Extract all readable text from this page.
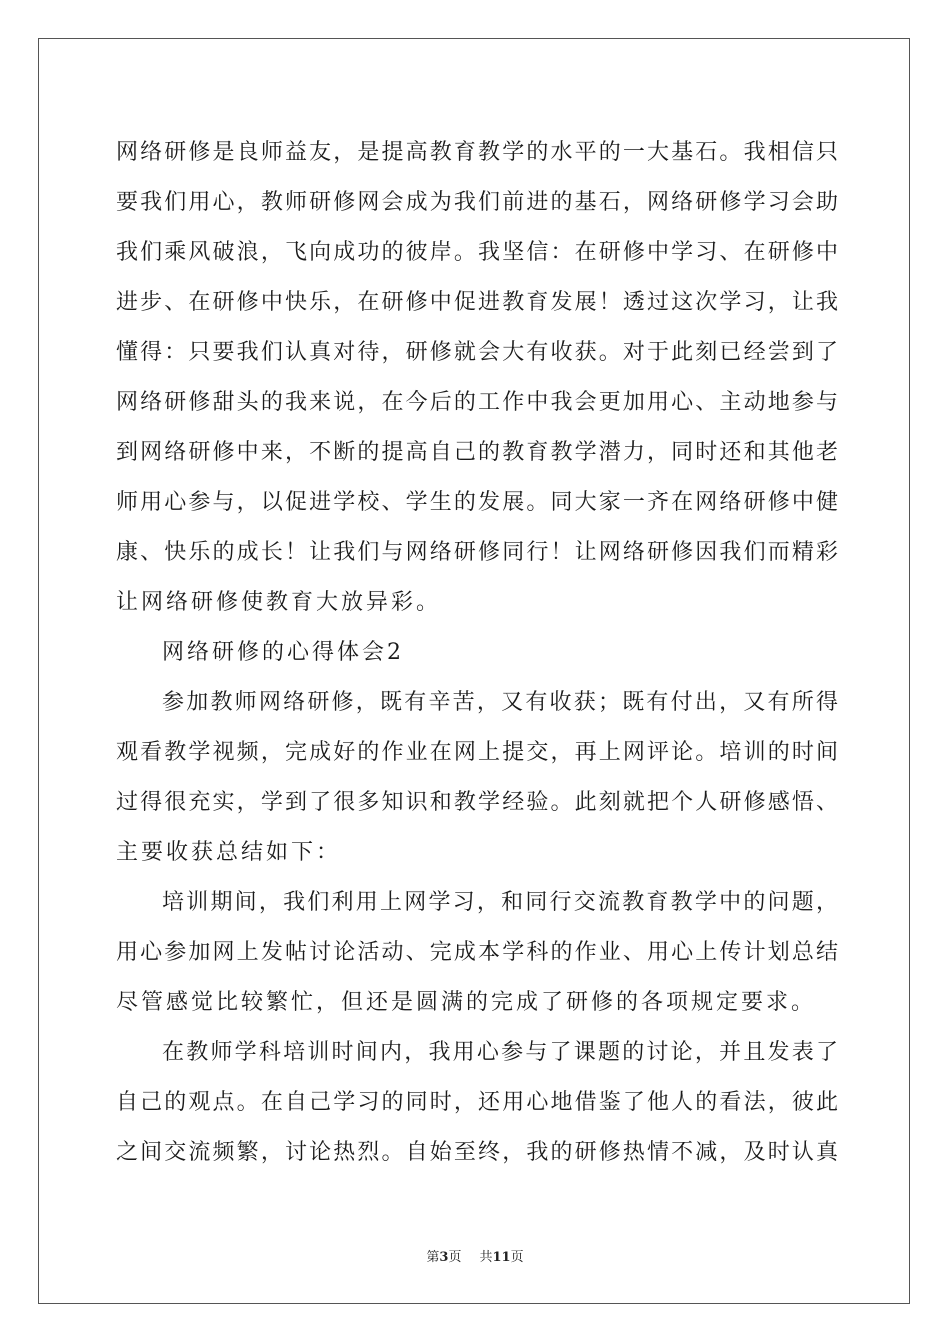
网络研修是良师益友，是提高教育教学的水平的一大基石。我相信只
要我们用心，教师研修网会成为我们前进的基石，网络研修学习会助
我们乘风破浪，飞向成功的彼岸。我坚信：在研修中学习、在研修中
进步、在研修中快乐，在研修中促进教育发展！透过这次学习，让我
懂得：只要我们认真对待，研修就会大有收获。对于此刻已经尝到了
网络研修甜头的我来说，在今后的工作中我会更加用心、主动地参与
到网络研修中来，不断的提高自己的教育教学潜力，同时还和其他老
师用心参与，以促进学校、学生的发展。同大家一齐在网络研修中健
康、快乐的成长！让我们与网络研修同行！让网络研修因我们而精彩
让网络研修使教育大放异彩。
网络研修的心得体会2
参加教师网络研修，既有辛苦，又有收获；既有付出，又有所得
观看教学视频，完成好的作业在网上提交，再上网评论。培训的时间
过得很充实，学到了很多知识和教学经验。此刻就把个人研修感悟、
主要收获总结如下：
培训期间，我们利用上网学习，和同行交流教育教学中的问题，
用心参加网上发帖讨论活动、完成本学科的作业、用心上传计划总结
尽管感觉比较繁忙，但还是圆满的完成了研修的各项规定要求。
在教师学科培训时间内，我用心参与了课题的讨论，并且发表了
自己的观点。在自己学习的同时，还用心地借鉴了他人的看法，彼此
之间交流频繁，讨论热烈。自始至终，我的研修热情不减，及时认真
第3页 共11页
